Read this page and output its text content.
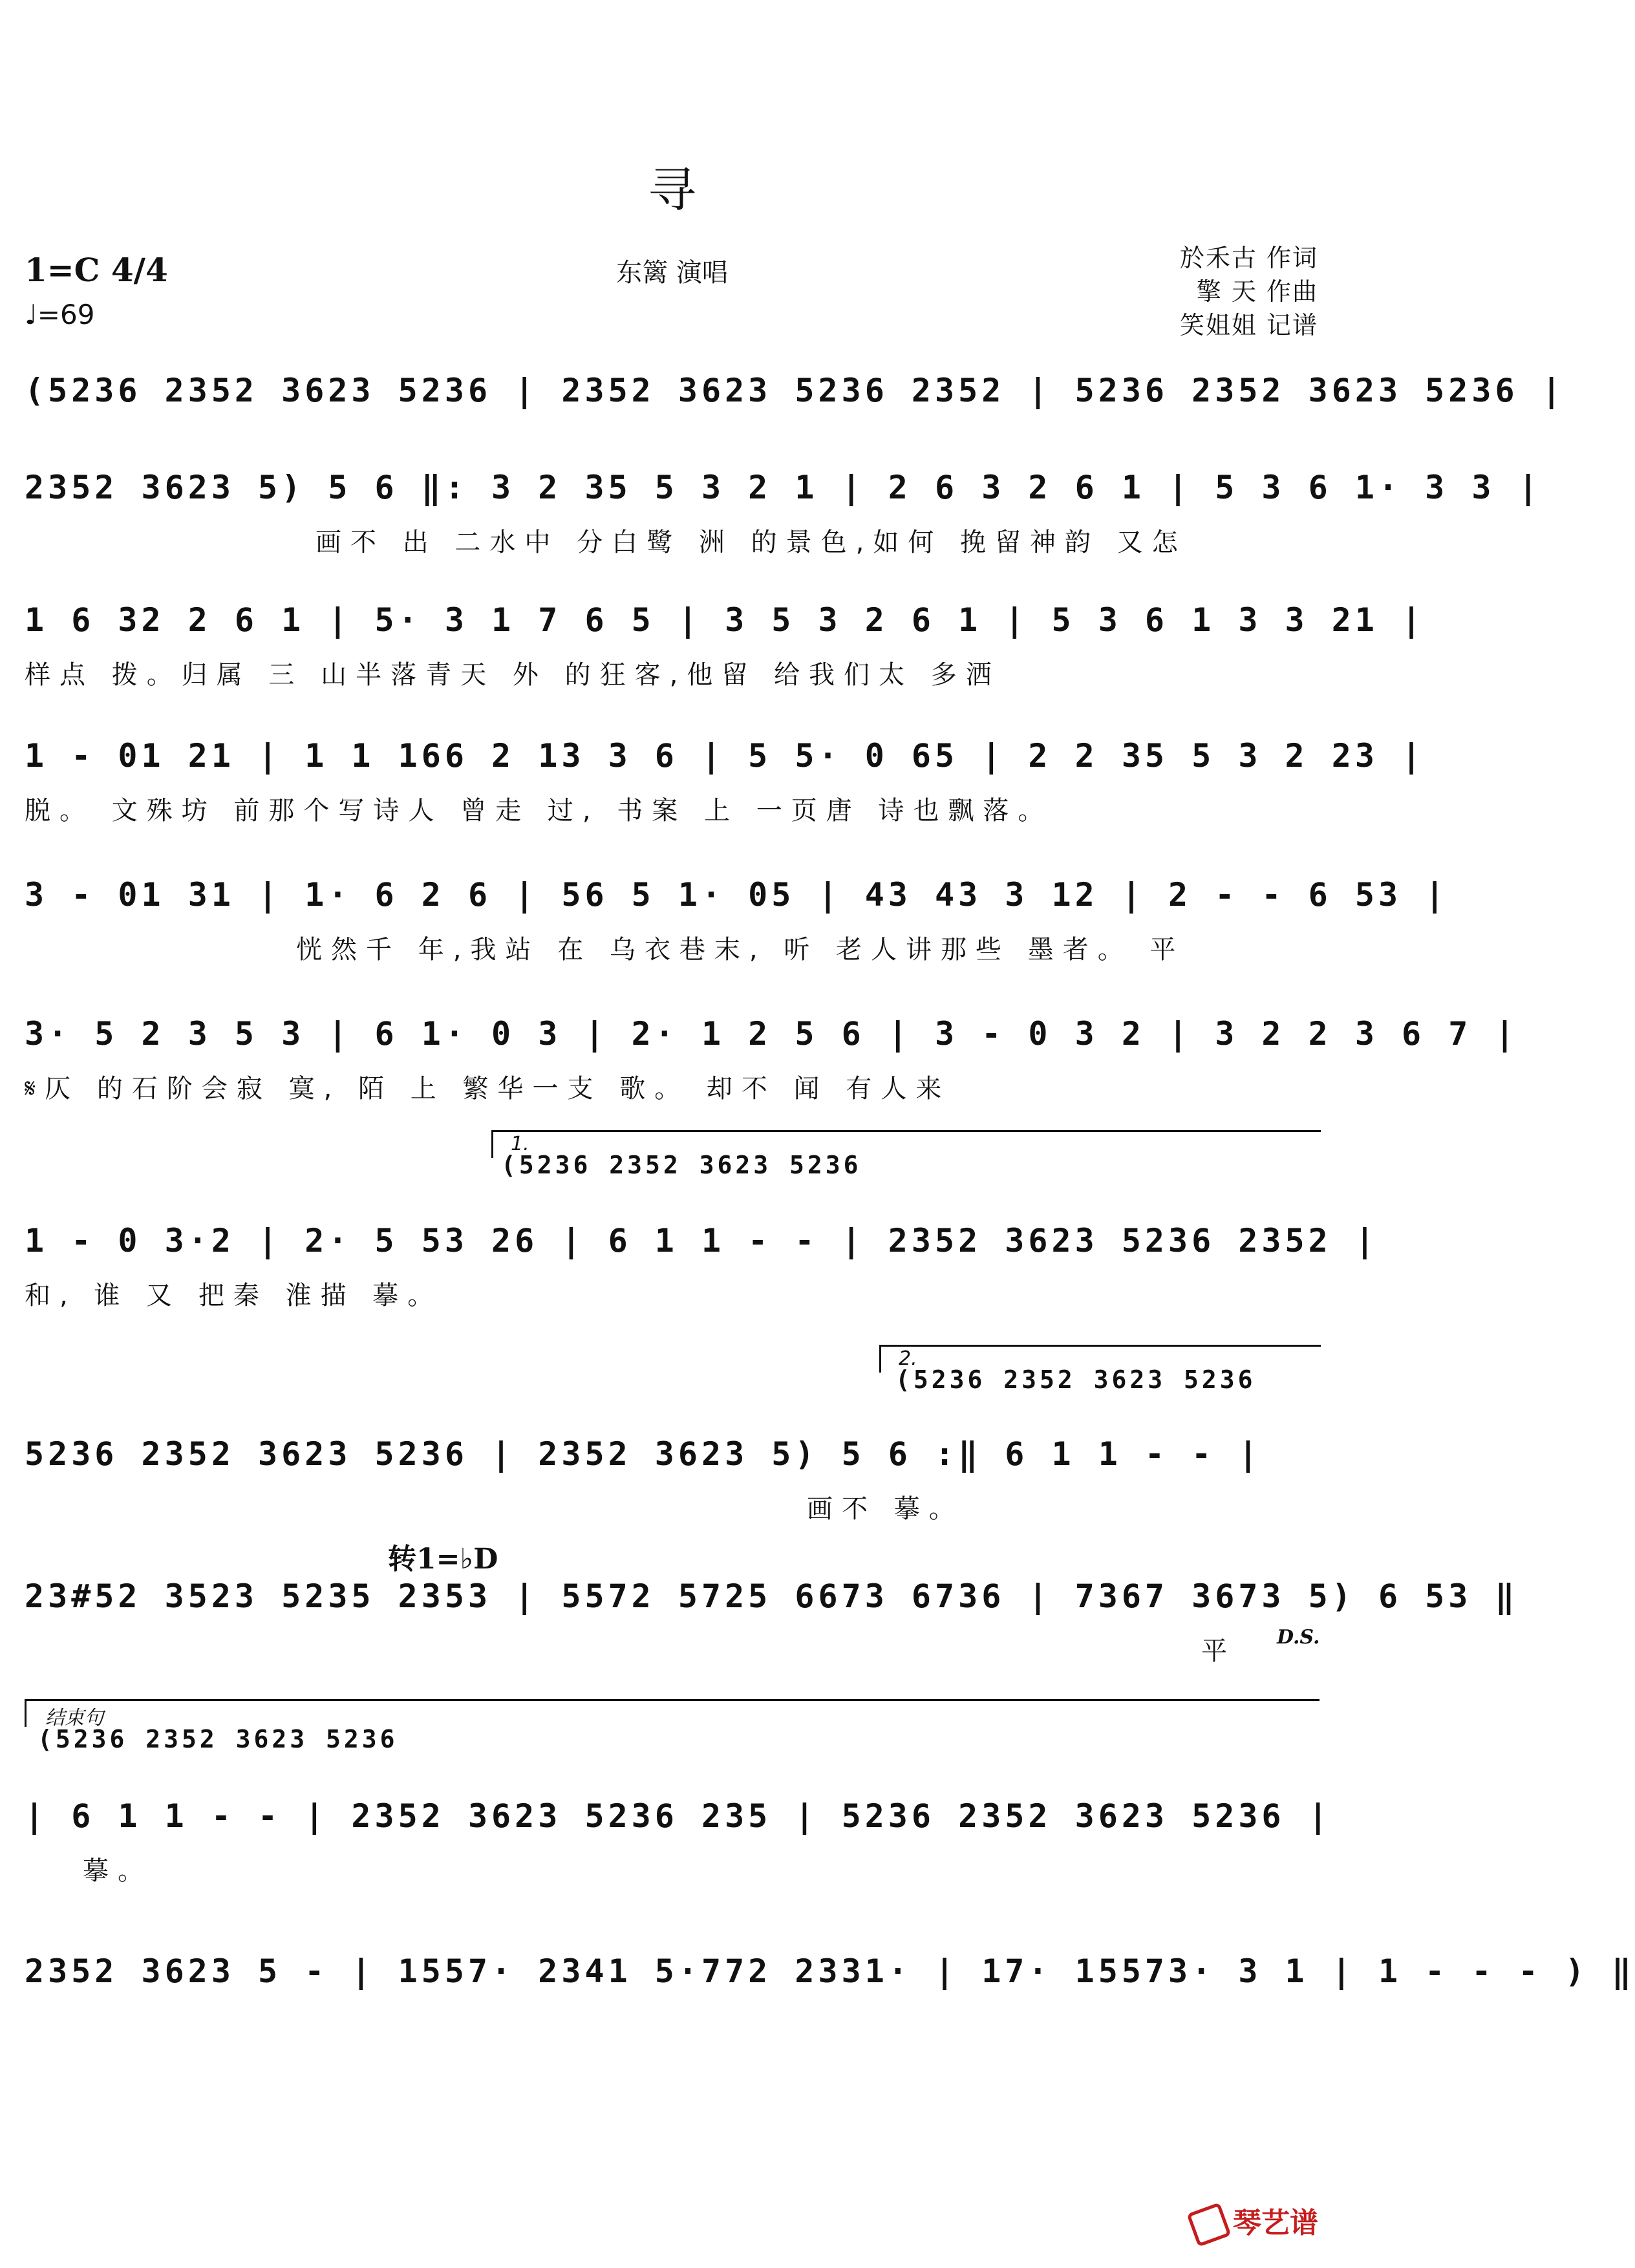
寻
1=C 4/4
♩=69
东篱 演唱	於禾古 作词
擎 天 作曲
笑姐姐 记谱
(5236 2352 3623 5236 | 2352 3623 5236 2352 | 5236 2352 3623 5236 |
2352 3623 5) 5 6 ‖: 3 2 35 5 3 2 1 | 2 6 3 2 6 1 | 5 3 6 1· 3 3 |
画不 出 二水中 分白鹭 洲 的景色,如何 挽留神韵 又怎
1 6 32 2 6 1 | 5· 3 1 7 6 5 | 3 5 3 2 6 1 | 5 3 6 1 3 3 21 |
样点 拨。归属 三 山半落青天 外 的狂客,他留 给我们太 多洒
1 - 01 21 | 1 1 166 2 13 3 6 | 5 5· 0 65 | 2 2 35 5 3 2 23 |
脱。 文殊坊 前那个写诗人 曾走 过, 书案 上 一页唐 诗也飘落。
3 - 01 31 | 1· 6 2 6 | 56 5 1· 05 | 43 43 3 12 | 2 - - 6 53 |
恍然千 年,我站 在 乌衣巷末, 听 老人讲那些 墨者。 平
3· 5 2 3 5 3 | 6 1· 0 3 | 2· 1 2 5 6 | 3 - 0 3 2 | 3 2 2 3 6 7 |
𝄋仄 的石阶会寂 寞, 陌 上 繁华一支 歌。 却不 闻 有人来
1.
(5236 2352 3623 5236
1 - 0 3·2 | 2· 5 53 26 | 6 1 1 - - | 2352 3623 5236 2352 |
和, 谁 又 把秦 淮描 摹。
2.
(5236 2352 3623 5236
5236 2352 3623 5236 | 2352 3623 5) 5 6 :‖ 6 1 1 - - |
画不 摹。
转1=♭D
23#52 3523 5235 2353 | 5572 5725 6673 6736 | 7367 3673 5) 6 53 ‖
平 D.S.
结束句
(5236 2352 3623 5236
| 6 1 1 - - | 2352 3623 5236 235 | 5236 2352 3623 5236 |
摹。
2352 3623 5 - | 1557· 2341 5·772 2331· | 17· 15573· 3 1 | 1 - - - ) ‖
琴艺谱
